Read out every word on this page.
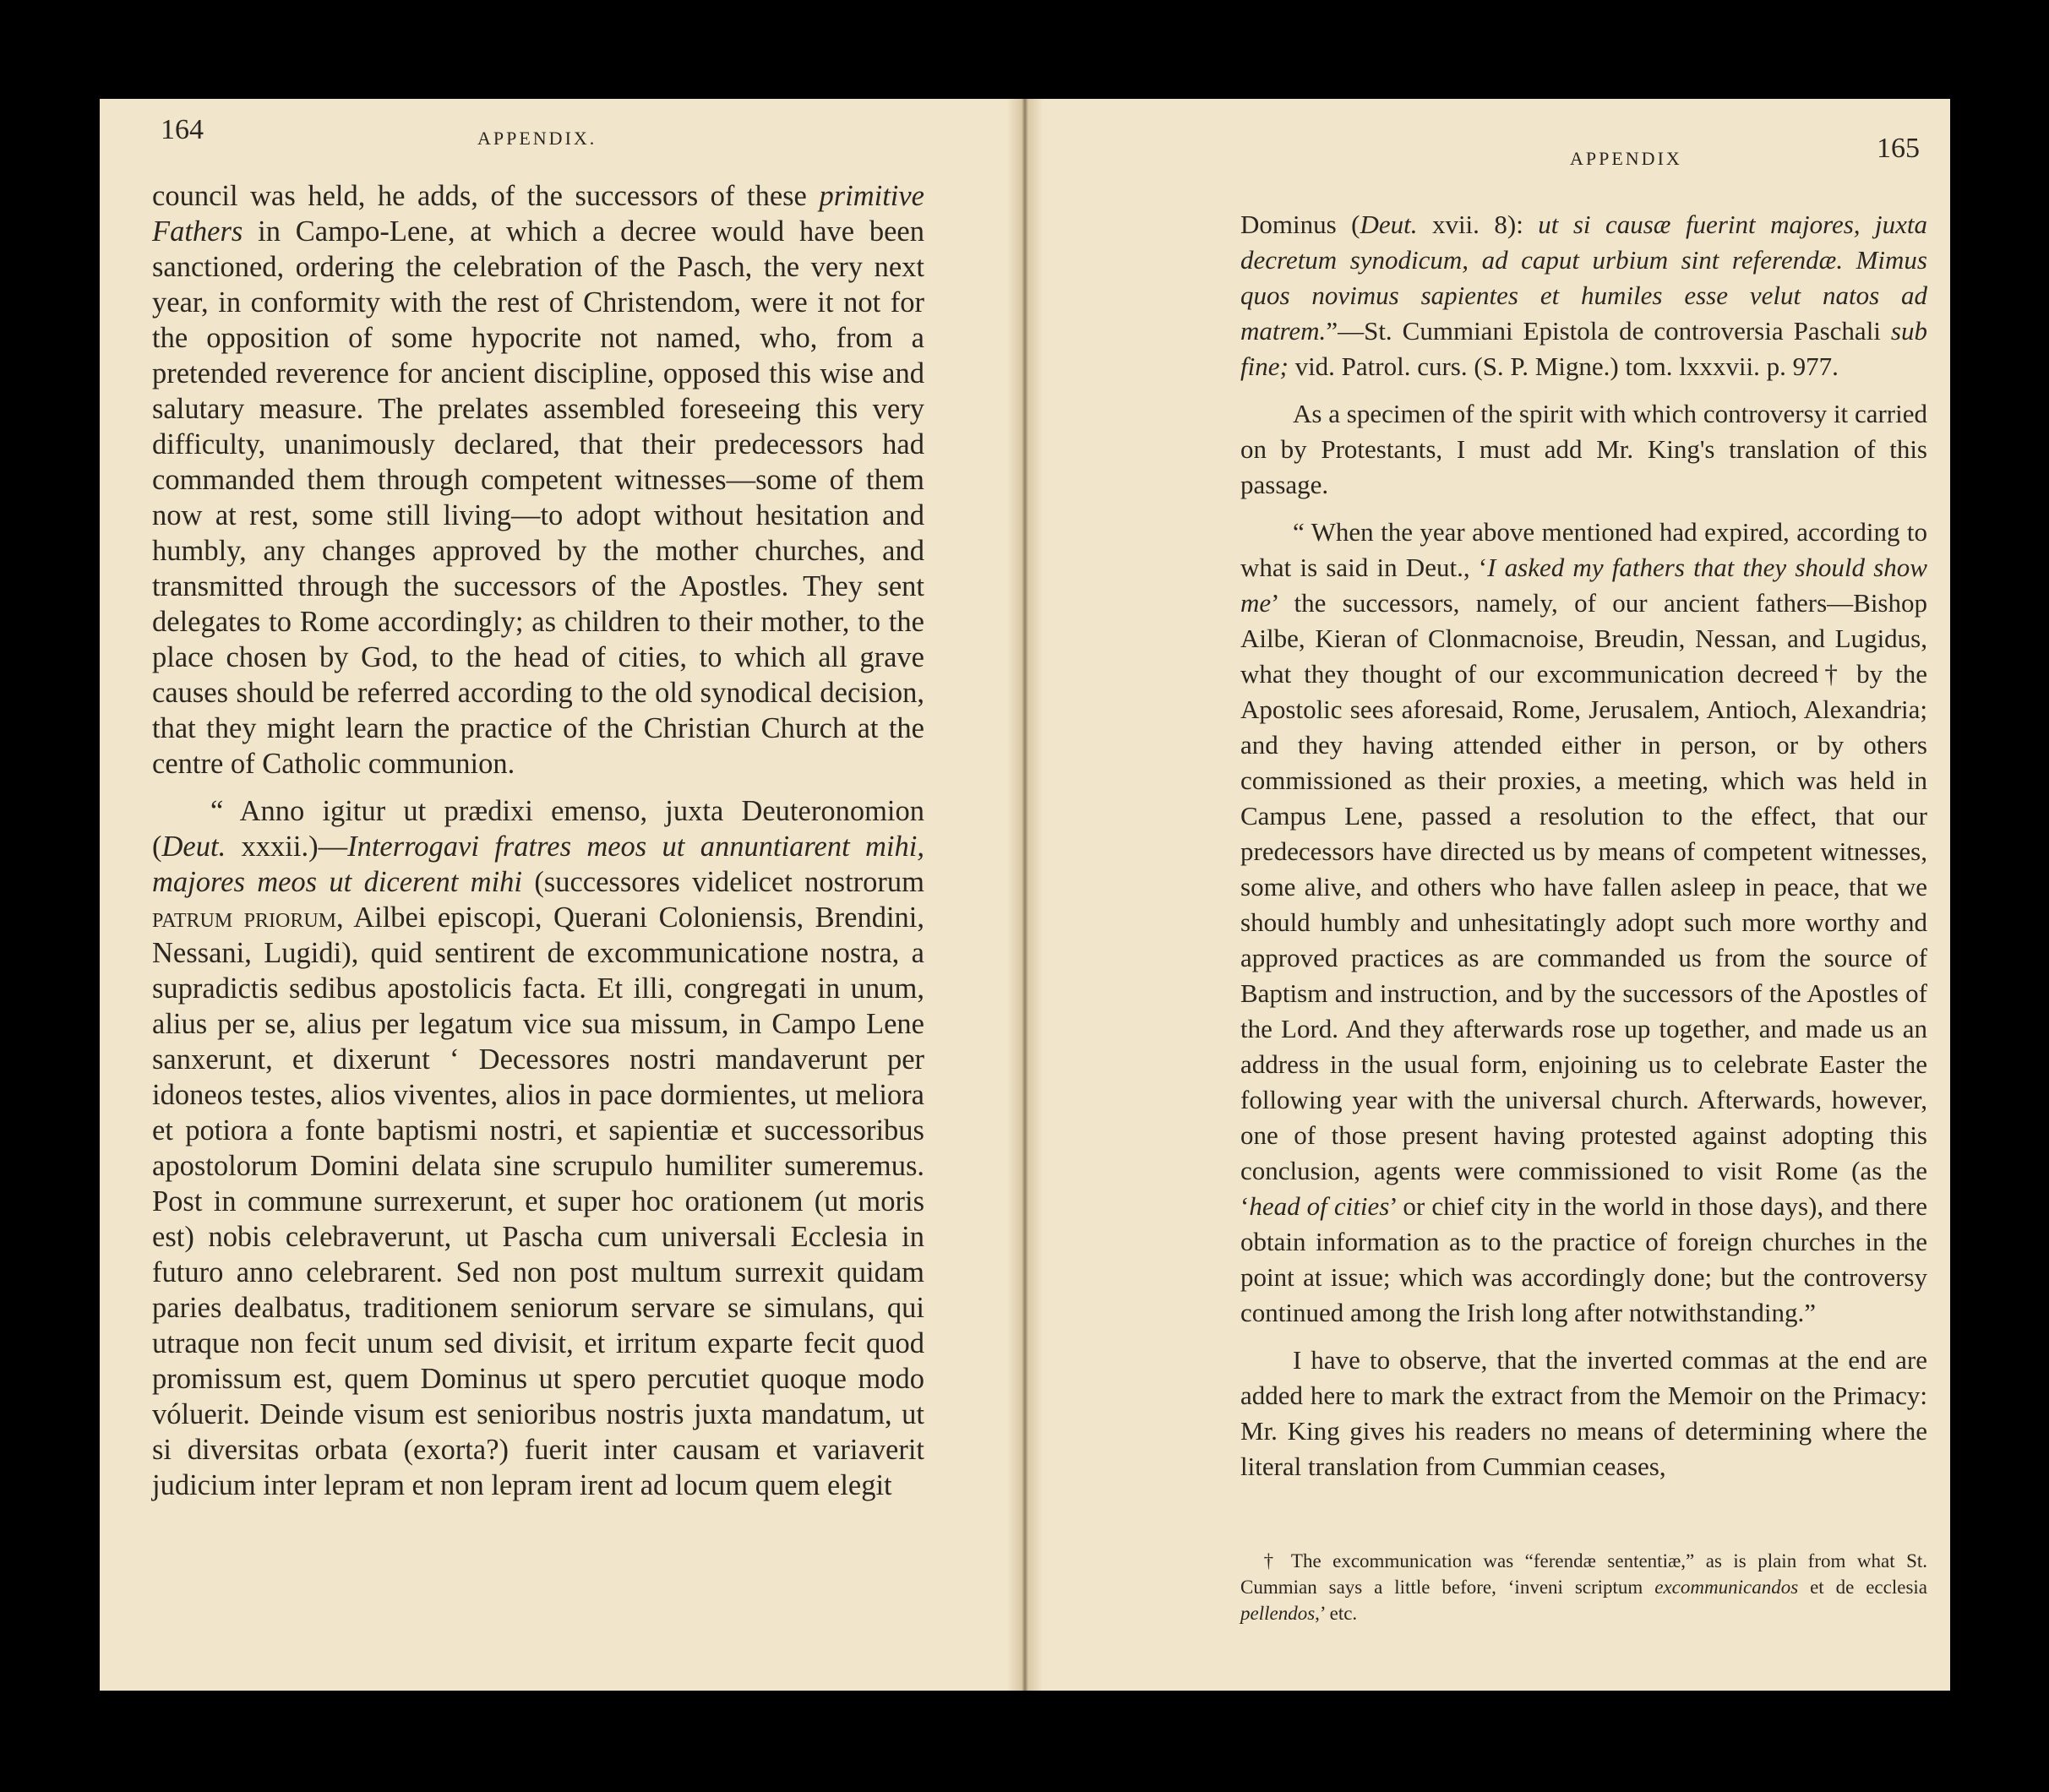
164	APPENDIX.

council was held, he adds, of the successors of these primitive Fathers in Campo-Lene, at which a decree would have been sanctioned, ordering the celebration of the Pasch, the very next year, in conformity with the rest of Christendom, were it not for the opposition of some hypocrite not named, who, from a pretended reverence for ancient discipline, opposed this wise and salutary measure. The prelates assembled foreseeing this very difficulty, unanimously declared, that their predecessors had commanded them through competent witnesses—some of them now at rest, some still living—to adopt without hesitation and humbly, any changes approved by the mother churches, and transmitted through the successors of the Apostles. They sent delegates to Rome accordingly; as children to their mother, to the place chosen by God, to the head of cities, to which all grave causes should be referred according to the old synodical decision, that they might learn the practice of the Christian Church at the centre of Catholic communion.

“ Anno igitur ut prædixi emenso, juxta Deuteronomion (Deut. xxxii.)—Interrogavi fratres meos ut annuntiarent mihi, majores meos ut dicerent mihi (successores videlicet nostrorum patrum priorum, Ailbei episcopi, Querani Coloniensis, Brendini, Nessani, Lugidi), quid sentirent de excommunicatione nostra, a supradictis sedibus apostolicis facta. Et illi, congregati in unum, alius per se, alius per legatum vice sua missum, in Campo Lene sanxerunt, et dixerunt ‘ Decessores nostri mandaverunt per idoneos testes, alios viventes, alios in pace dormientes, ut meliora et potiora a fonte baptismi nostri, et sapientiæ et successoribus apostolorum Domini delata sine scrupulo humiliter sumeremus. Post in commune surrexerunt, et super hoc orationem (ut moris est) nobis celebraverunt, ut Pascha cum universali Ecclesia in futuro anno celebrarent. Sed non post multum surrexit quidam paries dealbatus, traditionem seniorum servare se simulans, qui utraque non fecit unum sed divisit, et irritum exparte fecit quod promissum est, quem Dominus ut spero percutiet quoque modo vóluerit. Deinde visum est senioribus nostris juxta mandatum, ut si diversitas orbata (exorta?) fuerit inter causam et variaverit judicium inter lepram et non lepram irent ad locum quem elegit

APPENDIX	165

Dominus (Deut. xvii. 8): ut si causæ fuerint majores, juxta decretum synodicum, ad caput urbium sint referendæ. Mimus quos novimus sapientes et humiles esse velut natos ad matrem.”—St. Cummiani Epistola de controversia Paschali sub fine; vid. Patrol. curs. (S. P. Migne.) tom. lxxxvii. p. 977.

As a specimen of the spirit with which controversy it carried on by Protestants, I must add Mr. King's translation of this passage.

“ When the year above mentioned had expired, according to what is said in Deut., ‘I asked my fathers that they should show me’ the successors, namely, of our ancient fathers—Bishop Ailbe, Kieran of Clonmacnoise, Breudin, Nessan, and Lugidus, what they thought of our excommunication decreed† by the Apostolic sees aforesaid, Rome, Jerusalem, Antioch, Alexandria; and they having attended either in person, or by others commissioned as their proxies, a meeting, which was held in Campus Lene, passed a resolution to the effect, that our predecessors have directed us by means of competent witnesses, some alive, and others who have fallen asleep in peace, that we should humbly and unhesitatingly adopt such more worthy and approved practices as are commanded us from the source of Baptism and instruction, and by the successors of the Apostles of the Lord. And they afterwards rose up together, and made us an address in the usual form, enjoining us to celebrate Easter the following year with the universal church. Afterwards, however, one of those present having protested against adopting this conclusion, agents were commissioned to visit Rome (as the ‘head of cities’ or chief city in the world in those days), and there obtain information as to the practice of foreign churches in the point at issue; which was accordingly done; but the controversy continued among the Irish long after notwithstanding.”

I have to observe, that the inverted commas at the end are added here to mark the extract from the Memoir on the Primacy: Mr. King gives his readers no means of determining where the literal translation from Cummian ceases,

† The excommunication was “ferendæ sententiæ,” as is plain from what St. Cummian says a little before, ‘inveni scriptum excommunicandos et de ecclesia pellendos,’ etc.
